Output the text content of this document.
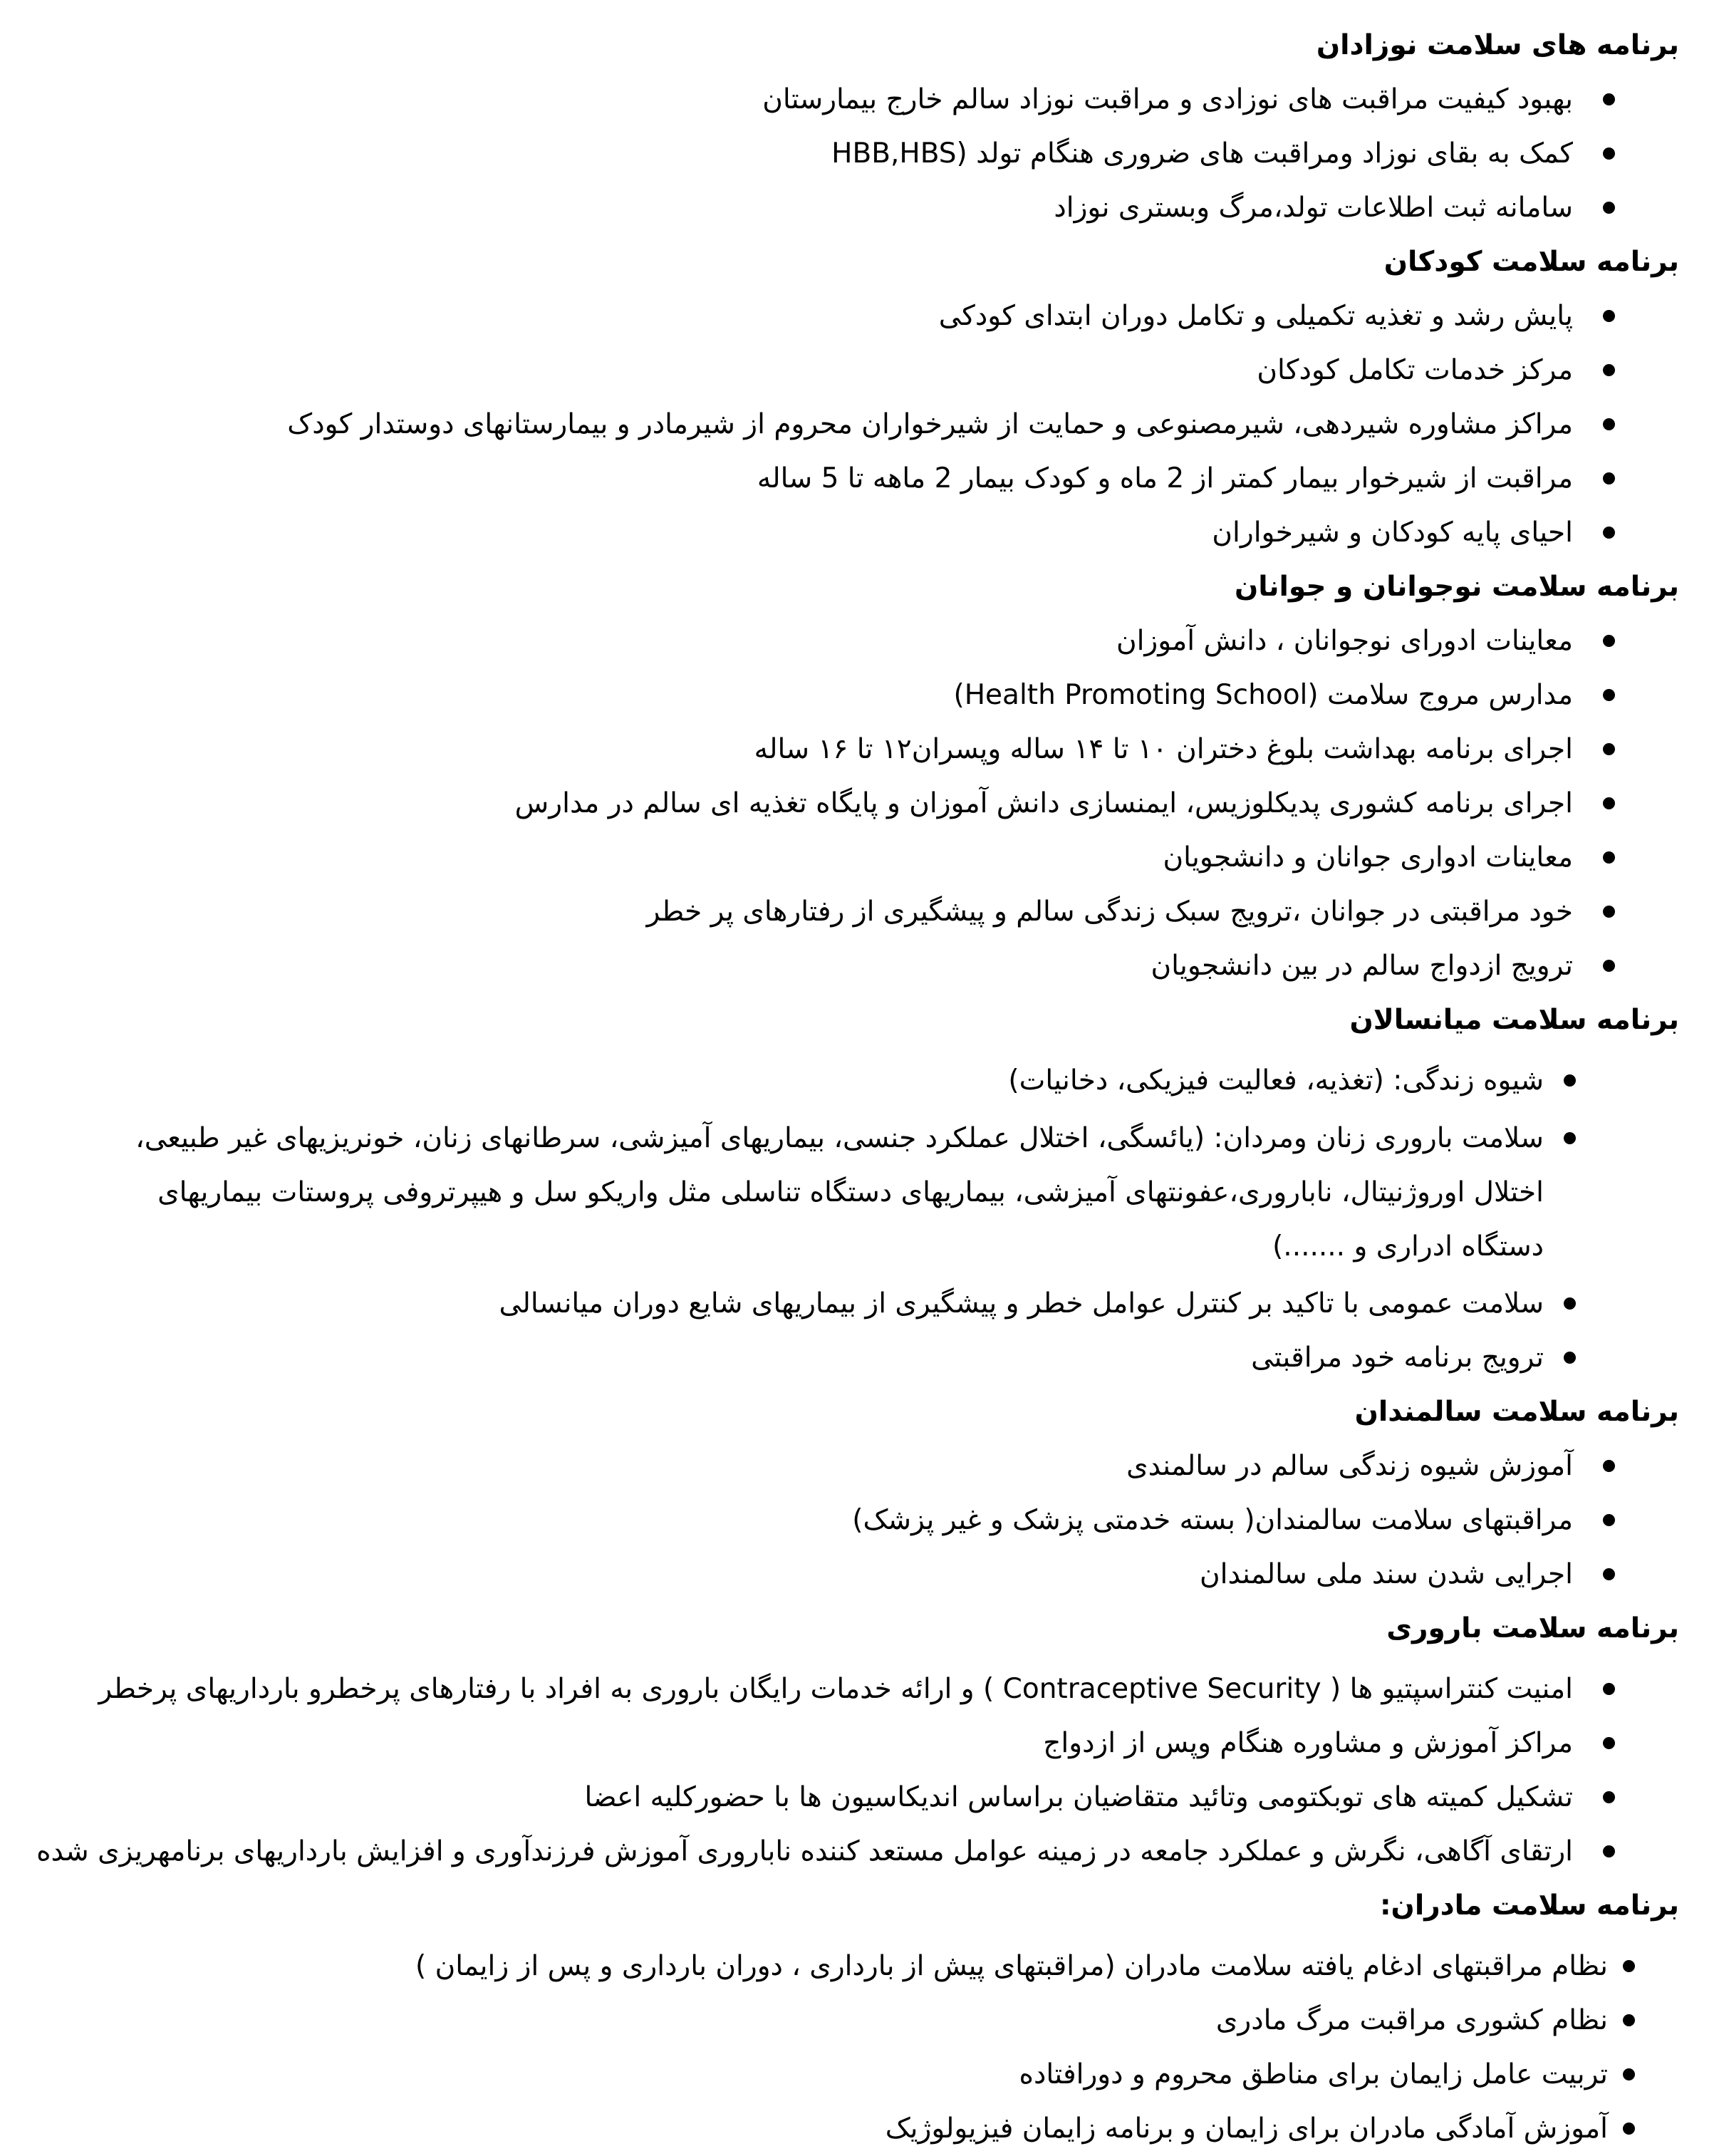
برنامه های سلامت نوزادان
بهبود کیفیت مراقبت های نوزادی و مراقبت نوزاد سالم خارج بیمارستان
کمک به بقای نوزاد ومراقبت های ضروری هنگام تولد (HBB,HBS
سامانه ثبت اطلاعات تولد،مرگ وبستری نوزاد
برنامه سلامت کودکان
پایش رشد و تغذیه تکمیلی و تکامل دوران ابتدای کودکی
مرکز خدمات تکامل کودکان
مراکز مشاوره شیردهی، شیرمصنوعی و حمایت از شیرخواران محروم از شیرمادر و بیمارستانهای دوستدار کودک
مراقبت از شیرخوار بیمار کمتر از 2 ماه و کودک بیمار 2 ماهه تا 5 ساله
احیای پایه کودکان و شیرخواران
برنامه سلامت نوجوانان و جوانان
معاینات ادورای نوجوانان ، دانش آموزان
مدارس مروج سلامت (Health Promoting School)
اجرای برنامه بهداشت بلوغ دختران ۱۰ تا ۱۴ ساله وپسران۱۲ تا ۱۶ ساله
اجرای برنامه کشوری پدیکلوزیس، ایمنسازی دانش آموزان و پایگاه تغذیه ای سالم در مدارس
معاینات ادواری جوانان و دانشجویان
خود مراقبتی در جوانان ،ترویج سبک زندگی سالم و پیشگیری از رفتارهای پر خطر
ترویج ازدواج سالم در بین دانشجویان
برنامه سلامت میانسالان
شیوه زندگی: (تغذیه، فعالیت فیزیکی، دخانیات)
سلامت باروری زنان ومردان: (یائسگی، اختلال عملکرد جنسی، بیماریهای آمیزشی، سرطانهای زنان، خونریزیهای غیر طبیعی، اختلال اوروژنیتال، ناباروری،عفونتهای آمیزشی، بیماریهای دستگاه تناسلی مثل واریکو سل و هیپرتروفی پروستات بیماریهای دستگاه ادراری و .......)
سلامت عمومی با تاکید بر کنترل عوامل خطر و پیشگیری از بیماریهای شایع دوران میانسالی
ترویج برنامه خود مراقبتی
برنامه سلامت سالمندان
آموزش شیوه زندگی سالم در سالمندی
مراقبتهای سلامت سالمندان( بسته خدمتی پزشک و غیر پزشک)
اجرایی شدن سند ملی سالمندان
برنامه سلامت باروری
امنیت کنتراسپتیو ها ( Contraceptive Security ) و ارائه خدمات رایگان باروری به افراد با رفتارهای پرخطرو بارداریهای پرخطر
مراکز آموزش و مشاوره هنگام وپس از ازدواج
تشکیل کمیته های توبکتومی وتائید متقاضیان براساس اندیکاسیون ها با حضورکلیه اعضا
ارتقای آگاهی، نگرش و عملکرد جامعه در زمینه عوامل مستعد کننده ناباروری آموزش فرزندآوری و افزایش بارداریهای برنامهریزی شده
برنامه سلامت مادران:
نظام مراقبتهای ادغام یافته سلامت مادران (مراقبتهای پیش از بارداری ، دوران بارداری و پس از زایمان )
نظام کشوری مراقبت مرگ مادری
تربیت عامل زایمان برای مناطق محروم و دورافتاده
آموزش آمادگی مادران برای زایمان و برنامه زایمان فیزیولوژیک
